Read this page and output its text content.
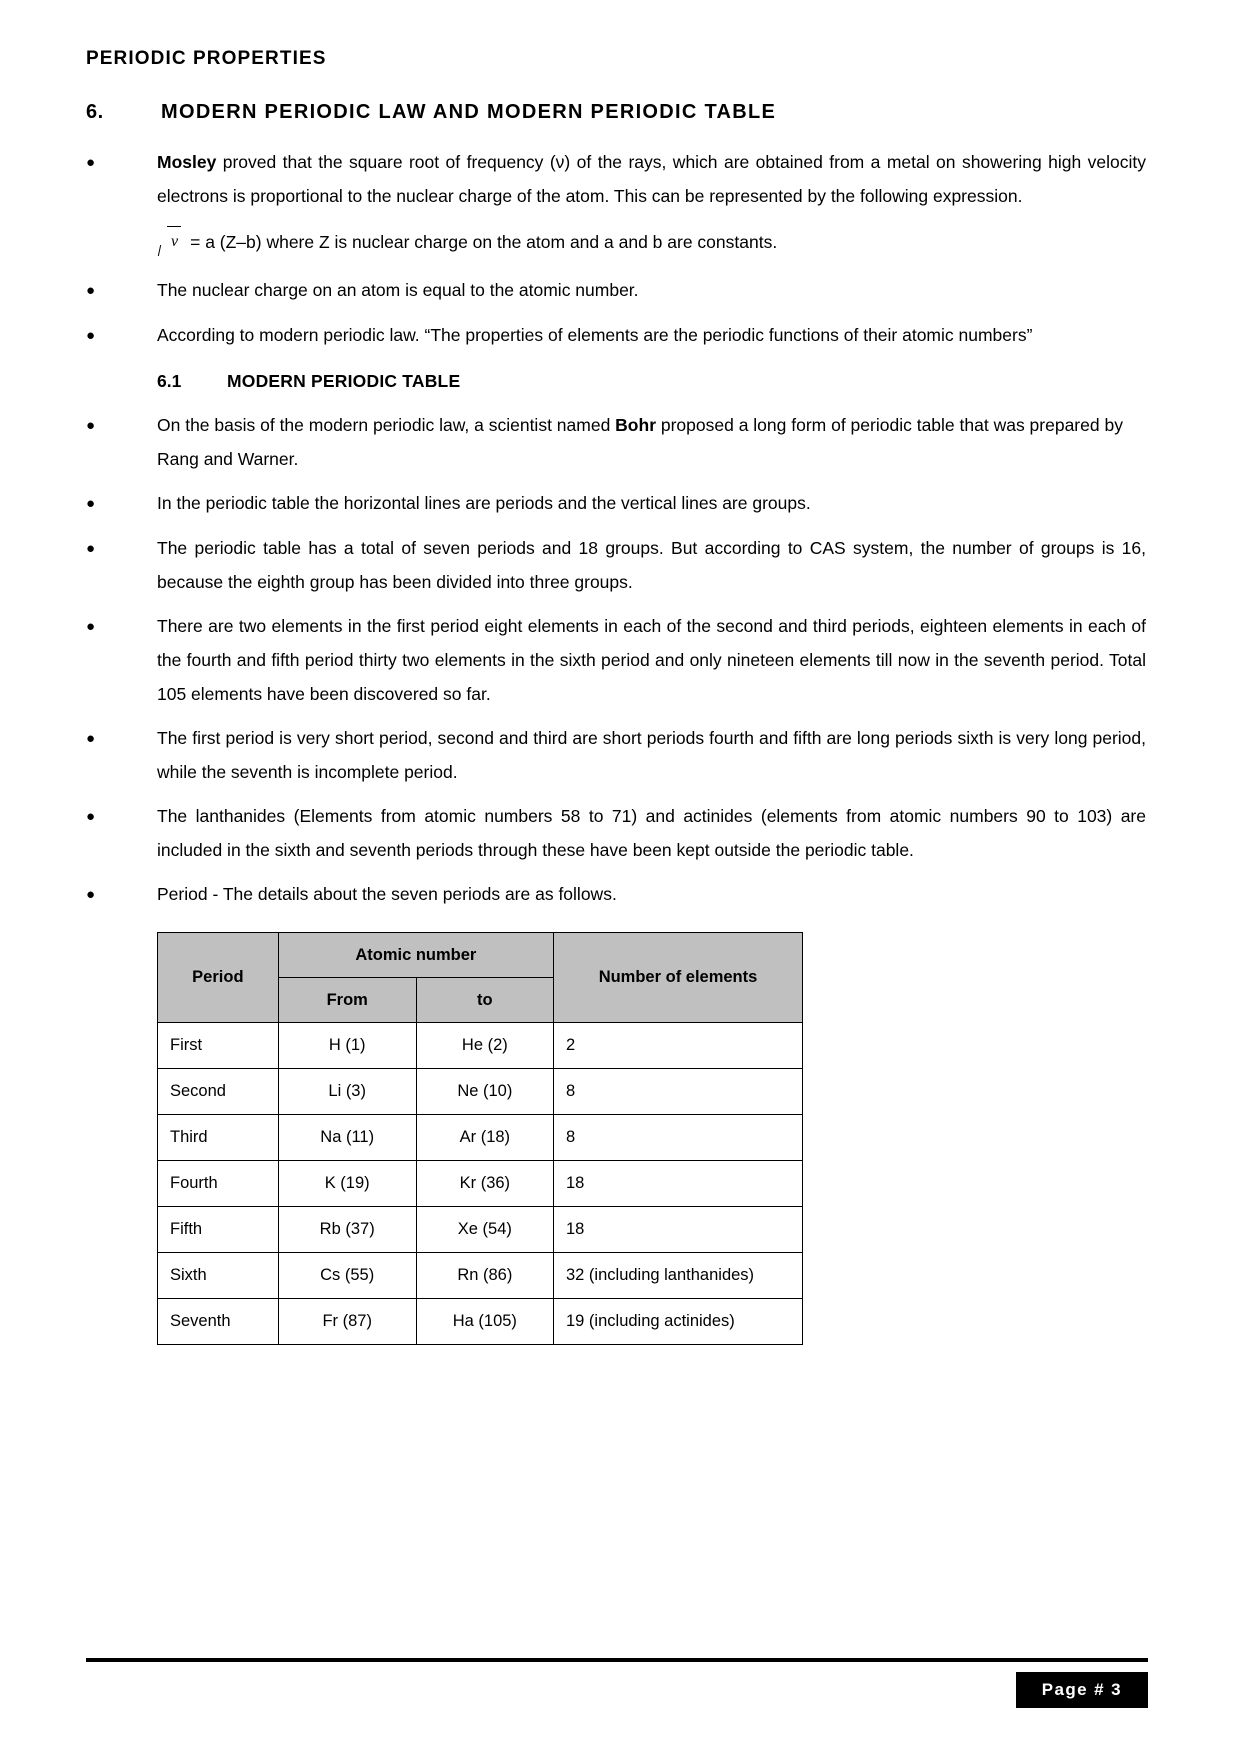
PERIODIC PROPERTIES
6.	MODERN PERIODIC LAW AND MODERN PERIODIC TABLE
●	Mosley proved that the square root of frequency (ν) of the rays, which are obtained from a metal on showering high velocity electrons is proportional to the nuclear charge of the atom. This can be represented by the following expression.
ν = a (Z–b) where Z is nuclear charge on the atom and a and b are constants.
●	The nuclear charge on an atom is equal to the atomic number.
●	According to modern periodic law. “The properties of elements are the periodic functions of their atomic numbers”
6.1	MODERN PERIODIC TABLE
●	On the basis of the modern periodic law, a scientist named Bohr proposed a long form of periodic table that was prepared by Rang and Warner.
●	In the periodic table the horizontal lines are periods and the vertical lines are groups.
●	The periodic table has a total of seven periods and 18 groups. But according to CAS system, the number of groups is 16, because the eighth group has been divided into three groups.
●	There are two elements in the first period eight elements in each of the second and third periods, eighteen elements in each of the fourth and fifth period thirty two elements in the sixth period and only nineteen elements till now in the seventh period. Total 105 elements have been discovered so far.
●	The first period is very short period, second and third are short periods fourth and fifth are long periods sixth is very long period, while the seventh is incomplete period.
●	The lanthanides (Elements from atomic numbers 58 to 71) and actinides (elements from atomic numbers 90 to 103) are included in the sixth and seventh periods through these have been kept outside the periodic table.
●	Period - The details about the seven periods are as follows.
Period	Atomic number		Number of elements
	From	to	
First	H (1)	He (2)	2
Second	Li (3)	Ne (10)	8
Third	Na (11)	Ar (18)	8
Fourth	K (19)	Kr (36)	18
Fifth	Rb (37)	Xe (54)	18
Sixth	Cs (55)	Rn (86)	32 (including lanthanides)
Seventh	Fr (87)	Ha (105)	19 (including actinides)
Page # 3
